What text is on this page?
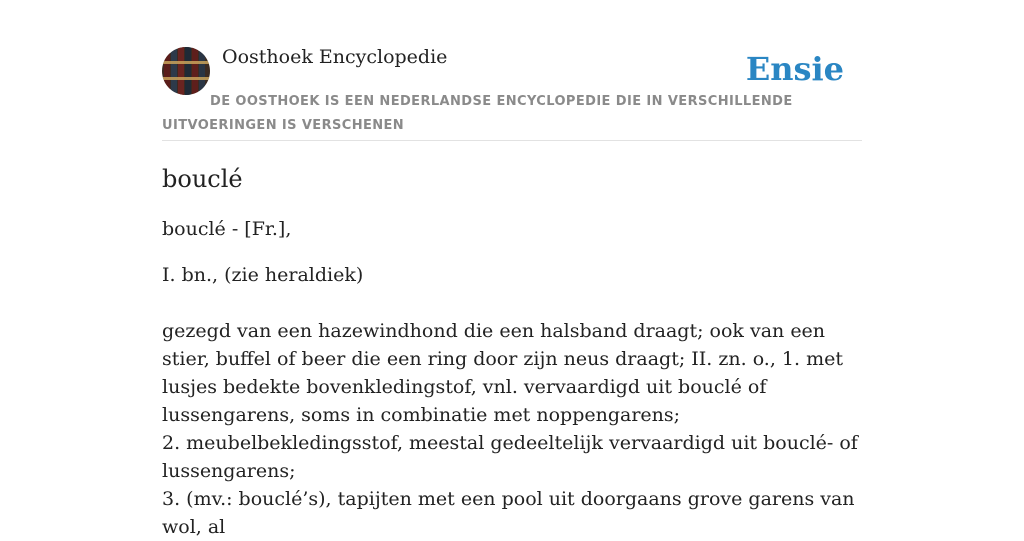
Oosthoek Encyclopedie	Ensie
DE OOSTHOEK IS EEN NEDERLANDSE ENCYCLOPEDIE DIE IN VERSCHILLENDE UITVOERINGEN IS VERSCHENEN
bouclé

bouclé - [Fr.],

I. bn., (zie heraldiek)

gezegd van een hazewindhond die een halsband draagt; ook van een stier, buffel of beer die een ring door zijn neus draagt; II. zn. o., 1. met lusjes bedekte bovenkledingstof, vnl. vervaardigd uit bouclé of lussengarens, soms in combinatie met noppengarens;

2. meubelbekledingsstof, meestal gedeeltelijk vervaardigd uit bouclé- of lussengarens;

3. (mv.: bouclé’s), tapijten met een pool uit doorgaans grove garens van wol, al
